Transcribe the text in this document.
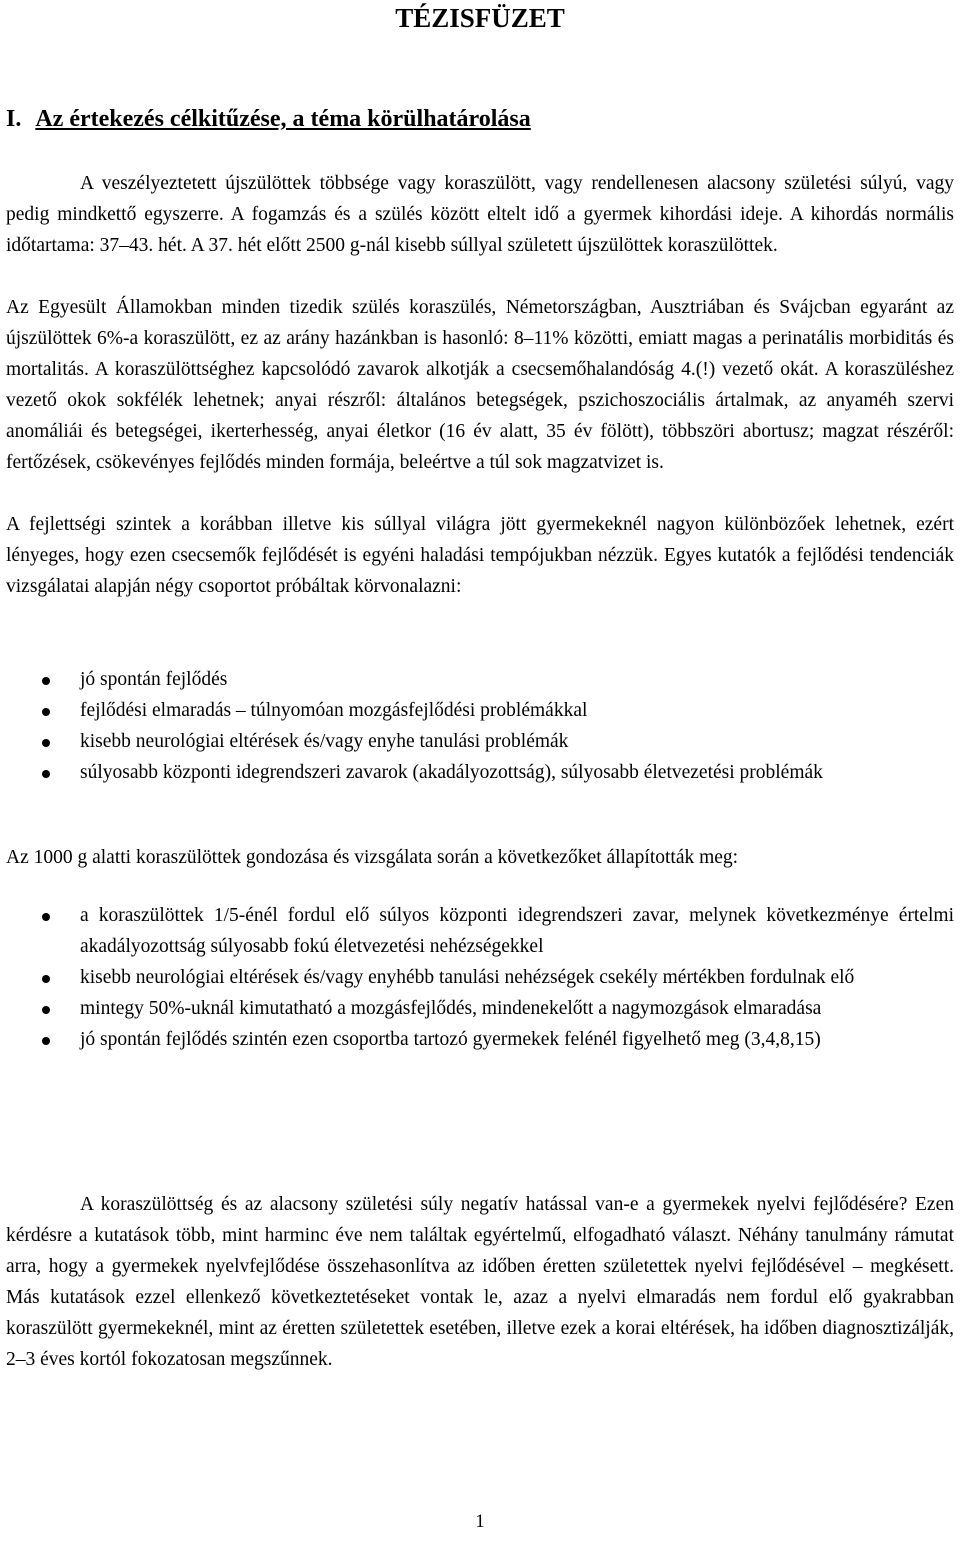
TÉZISFÜZET
I. Az értekezés célkitűzése, a téma körülhatárolása

A veszélyeztetett újszülöttek többsége vagy koraszülött, vagy rendellenesen alacsony születési súlyú, vagy pedig mindkettő egyszerre. A fogamzás és a szülés között eltelt idő a gyermek kihordási ideje. A kihordás normális időtartama: 37–43. hét. A 37. hét előtt 2500 g-nál kisebb súllyal született újszülöttek koraszülöttek.

Az Egyesült Államokban minden tizedik szülés koraszülés, Németországban, Ausztriában és Svájcban egyaránt az újszülöttek 6%-a koraszülött, ez az arány hazánkban is hasonló: 8–11% közötti, emiatt magas a perinatális morbiditás és mortalitás. A koraszülöttséghez kapcsolódó zavarok alkotják a csecsemőhalandóság 4.(!) vezető okát. A koraszüléshez vezető okok sokfélék lehetnek; anyai részről: általános betegségek, pszichoszociális ártalmak, az anyaméh szervi anomáliái és betegségei, ikerterhesség, anyai életkor (16 év alatt, 35 év fölött), többszöri abortusz; magzat részéről: fertőzések, csökevényes fejlődés minden formája, beleértve a túl sok magzatvizet is.

A fejlettségi szintek a korábban illetve kis súllyal világra jött gyermekeknél nagyon különbözőek lehetnek, ezért lényeges, hogy ezen csecsemők fejlődését is egyéni haladási tempójukban nézzük. Egyes kutatók a fejlődési tendenciák vizsgálatai alapján négy csoportot próbáltak körvonalazni:

jó spontán fejlődés
fejlődési elmaradás – túlnyomóan mozgásfejlődési problémákkal
kisebb neurológiai eltérések és/vagy enyhe tanulási problémák
súlyosabb központi idegrendszeri zavarok (akadályozottság), súlyosabb életvezetési problémák

Az 1000 g alatti koraszülöttek gondozása és vizsgálata során a következőket állapították meg:

a koraszülöttek 1/5-énél fordul elő súlyos központi idegrendszeri zavar, melynek következménye értelmi akadályozottság súlyosabb fokú életvezetési nehézségekkel
kisebb neurológiai eltérések és/vagy enyhébb tanulási nehézségek csekély mértékben fordulnak elő
mintegy 50%-uknál kimutatható a mozgásfejlődés, mindenekelőtt a nagymozgások elmaradása
jó spontán fejlődés szintén ezen csoportba tartozó gyermekek felénél figyelhető meg (3,4,8,15)

A koraszülöttség és az alacsony születési súly negatív hatással van-e a gyermekek nyelvi fejlődésére? Ezen kérdésre a kutatások több, mint harminc éve nem találtak egyértelmű, elfogadható választ. Néhány tanulmány rámutat arra, hogy a gyermekek nyelvfejlődése összehasonlítva az időben éretten születettek nyelvi fejlődésével – megkésett. Más kutatások ezzel ellenkező következtetéseket vontak le, azaz a nyelvi elmaradás nem fordul elő gyakrabban koraszülött gyermekeknél, mint az éretten születettek esetében, illetve ezek a korai eltérések, ha időben diagnosztizálják, 2–3 éves kortól fokozatosan megszűnnek.

1
